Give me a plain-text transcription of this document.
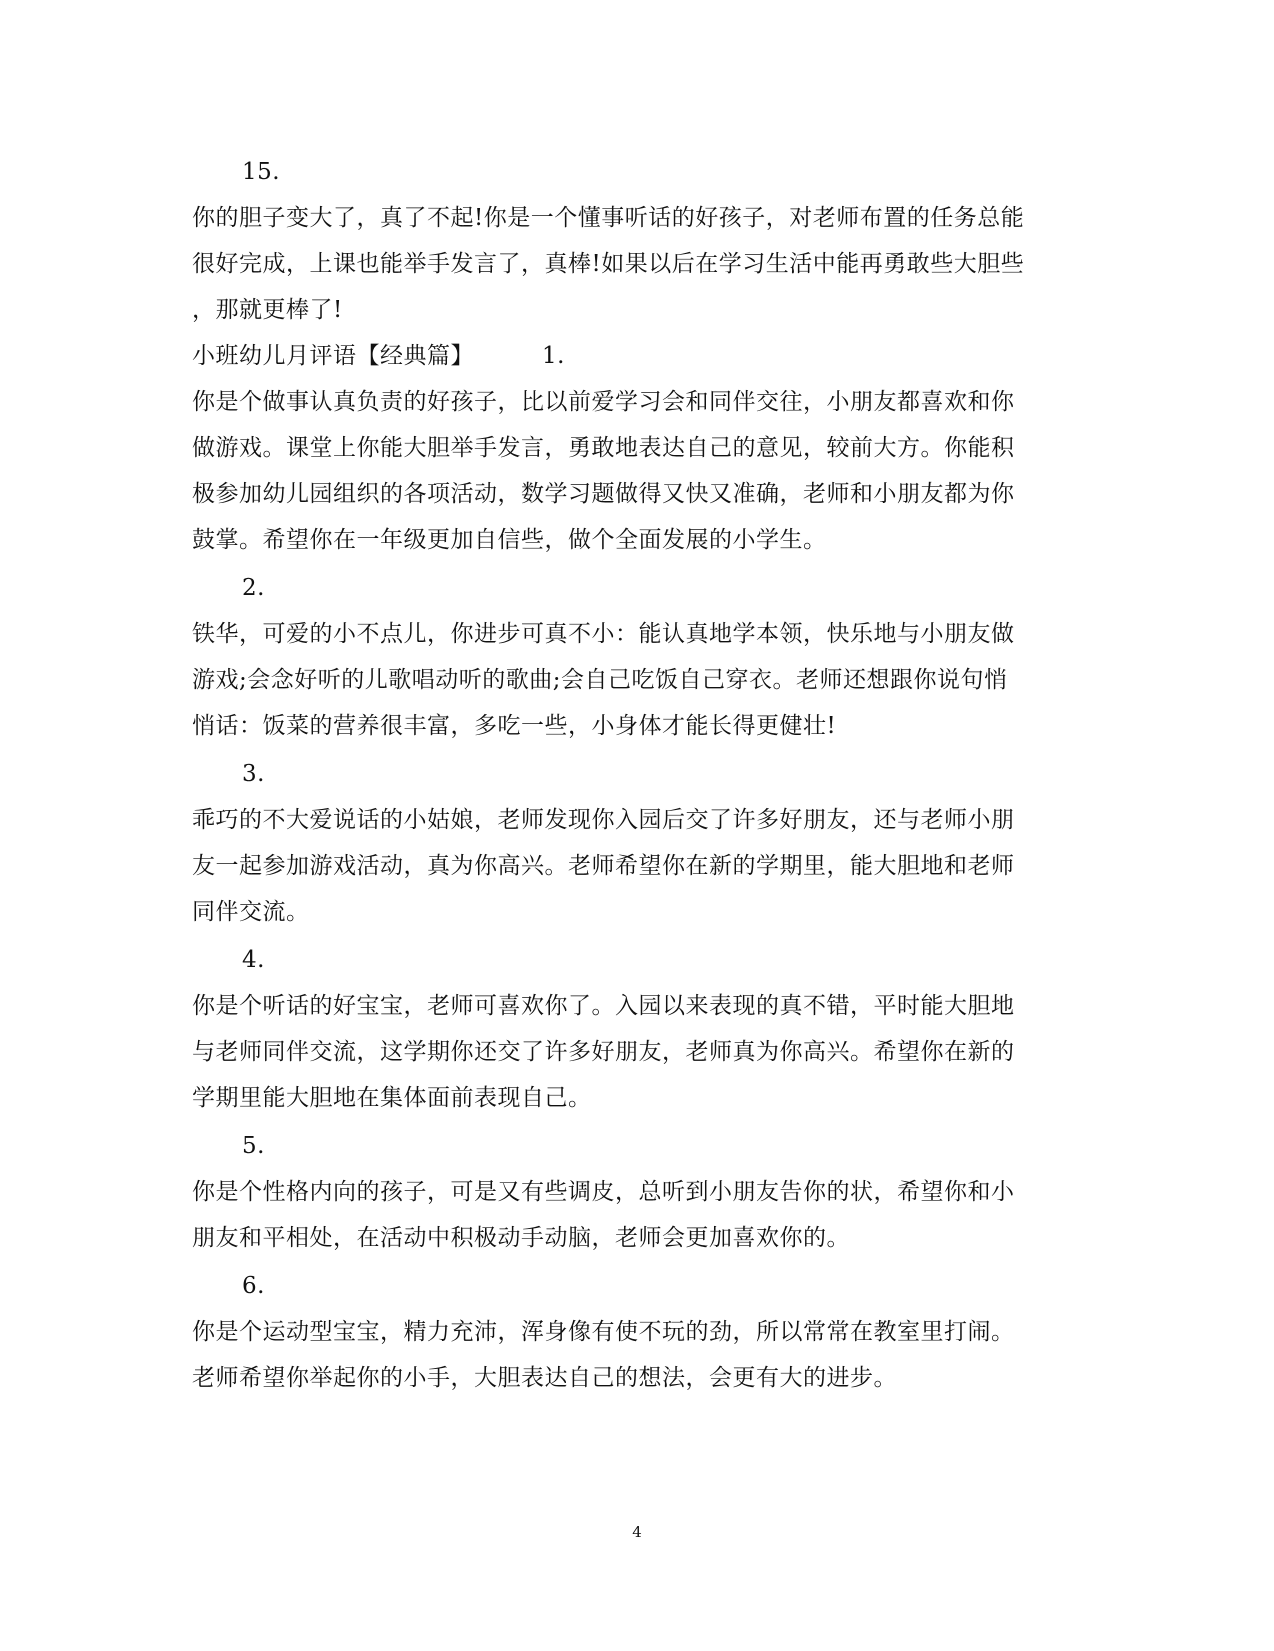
15.
你的胆子变大了，真了不起!你是一个懂事听话的好孩子，对老师布置的任务总能
很好完成，上课也能举手发言了，真棒!如果以后在学习生活中能再勇敢些大胆些
，那就更棒了!
小班幼儿月评语【经典篇】	1.
你是个做事认真负责的好孩子，比以前爱学习会和同伴交往，小朋友都喜欢和你
做游戏。课堂上你能大胆举手发言，勇敢地表达自己的意见，较前大方。你能积
极参加幼儿园组织的各项活动，数学习题做得又快又准确，老师和小朋友都为你
鼓掌。希望你在一年级更加自信些，做个全面发展的小学生。
2.
铁华，可爱的小不点儿，你进步可真不小：能认真地学本领，快乐地与小朋友做
游戏;会念好听的儿歌唱动听的歌曲;会自己吃饭自己穿衣。老师还想跟你说句悄
悄话：饭菜的营养很丰富，多吃一些，小身体才能长得更健壮!
3.
乖巧的不大爱说话的小姑娘，老师发现你入园后交了许多好朋友，还与老师小朋
友一起参加游戏活动，真为你高兴。老师希望你在新的学期里，能大胆地和老师
同伴交流。
4.
你是个听话的好宝宝，老师可喜欢你了。入园以来表现的真不错，平时能大胆地
与老师同伴交流，这学期你还交了许多好朋友，老师真为你高兴。希望你在新的
学期里能大胆地在集体面前表现自己。
5.
你是个性格内向的孩子，可是又有些调皮，总听到小朋友告你的状，希望你和小
朋友和平相处，在活动中积极动手动脑，老师会更加喜欢你的。
6.
你是个运动型宝宝，精力充沛，浑身像有使不玩的劲，所以常常在教室里打闹。
老师希望你举起你的小手，大胆表达自己的想法，会更有大的进步。
4
